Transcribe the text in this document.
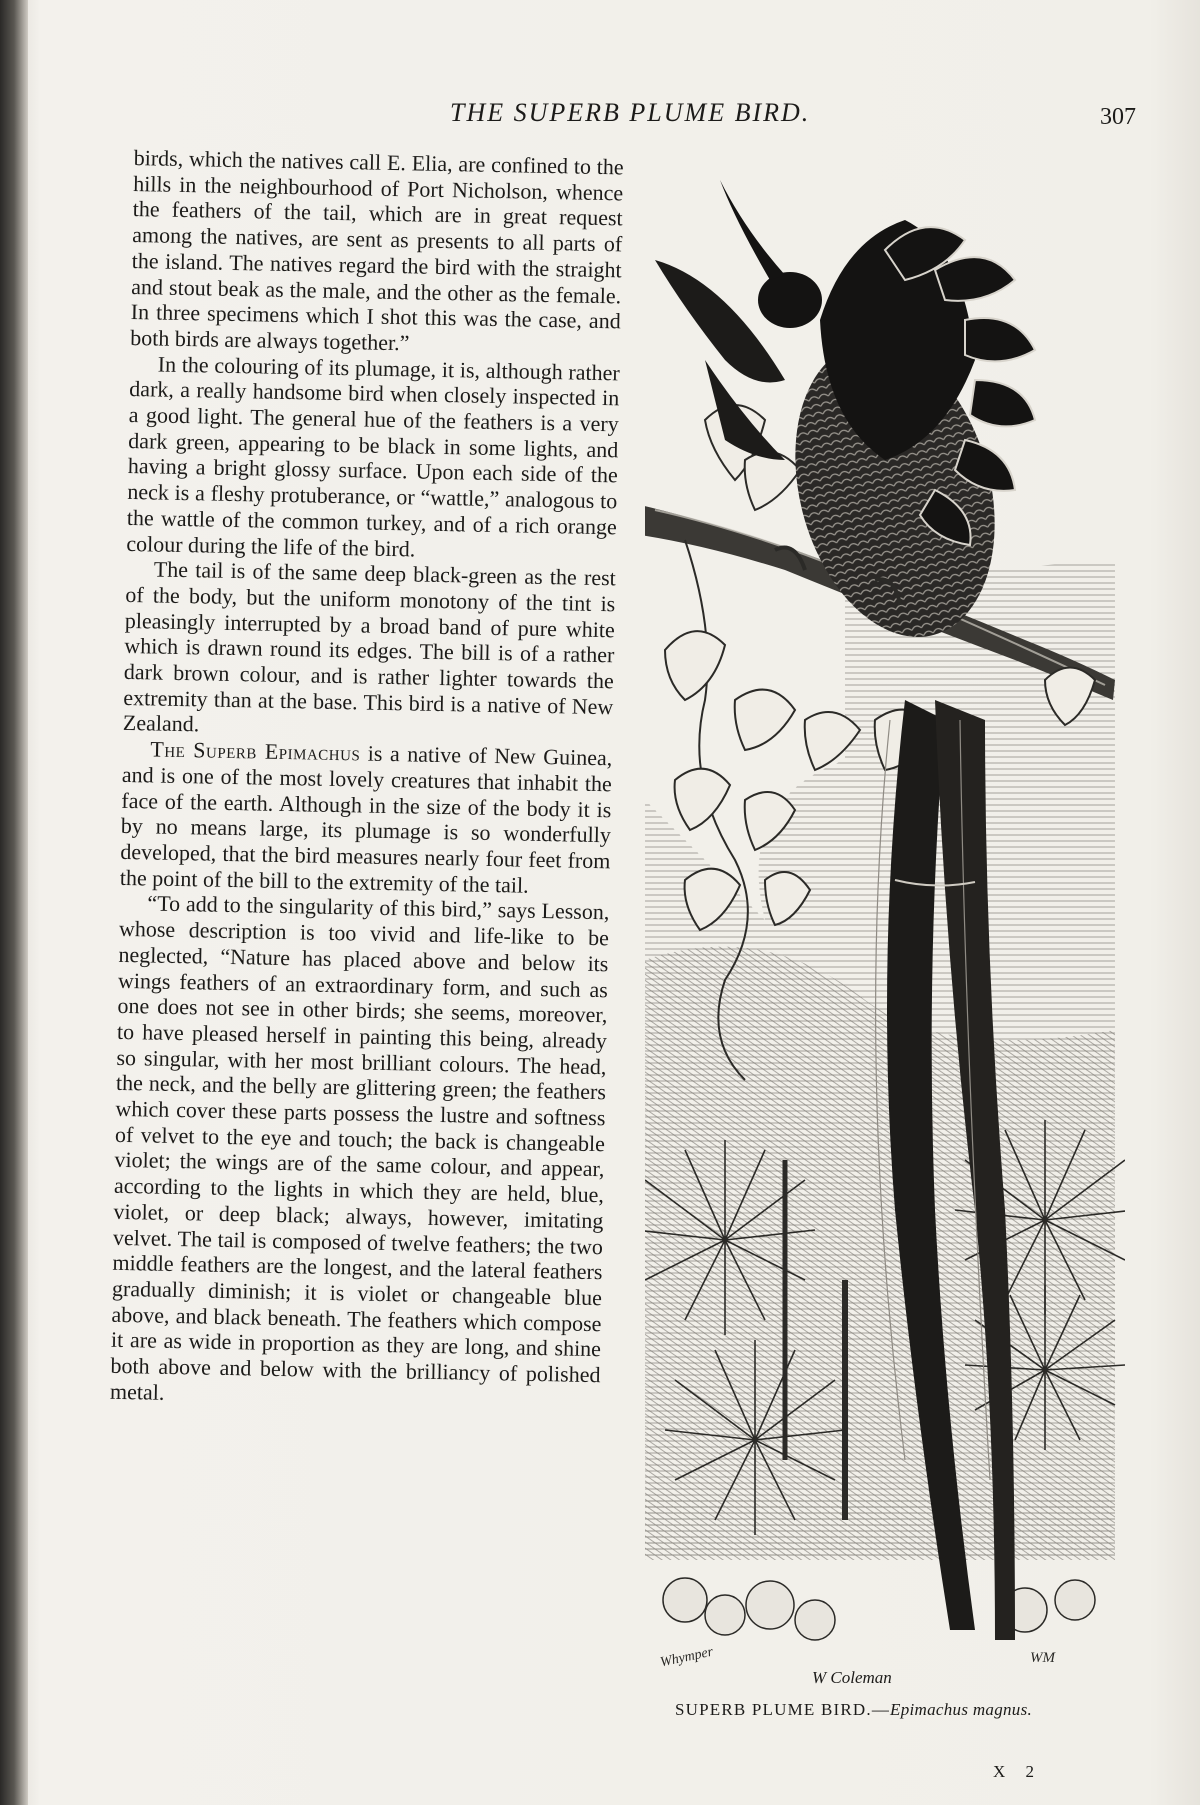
THE SUPERB PLUME BIRD.	307

birds, which the natives call E. Elia, are confined to the hills in the neighbourhood of Port Nicholson, whence the feathers of the tail, which are in great request among the natives, are sent as presents to all parts of the island. The natives regard the bird with the straight and stout beak as the male, and the other as the female. In three specimens which I shot this was the case, and both birds are always together.”

In the colouring of its plumage, it is, although rather dark, a really handsome bird when closely inspected in a good light. The general hue of the feathers is a very dark green, appearing to be black in some lights, and having a bright glossy surface. Upon each side of the neck is a fleshy protuberance, or “wattle,” analogous to the wattle of the common turkey, and of a rich orange colour during the life of the bird.

The tail is of the same deep black-green as the rest of the body, but the uniform monotony of the tint is pleasingly interrupted by a broad band of pure white which is drawn round its edges. The bill is of a rather dark brown colour, and is rather lighter towards the extremity than at the base. This bird is a native of New Zealand.

The Superb Epimachus is a native of New Guinea, and is one of the most lovely creatures that inhabit the face of the earth. Although in the size of the body it is by no means large, its plumage is so wonderfully developed, that the bird measures nearly four feet from the point of the bill to the extremity of the tail.

“To add to the singularity of this bird,” says Lesson, whose description is too vivid and life-like to be neglected, “Nature has placed above and below its wings feathers of an extraordinary form, and such as one does not see in other birds; she seems, moreover, to have pleased herself in painting this being, already so singular, with her most brilliant colours. The head, the neck, and the belly are glittering green; the feathers which cover these parts possess the lustre and softness of velvet to the eye and touch; the back is changeable violet; the wings are of the same colour, and appear, according to the lights in which they are held, blue, violet, or deep black; always, however, imitating velvet. The tail is composed of twelve feathers; the two middle feathers are the longest, and the lateral feathers gradually diminish; it is violet or changeable blue above, and black beneath. The feathers which compose it are as wide in proportion as they are long, and shine both above and below with the brilliancy of polished metal.

Whymper
W Coleman
WM
SUPERB PLUME BIRD.—Epimachus magnus.
X 2
